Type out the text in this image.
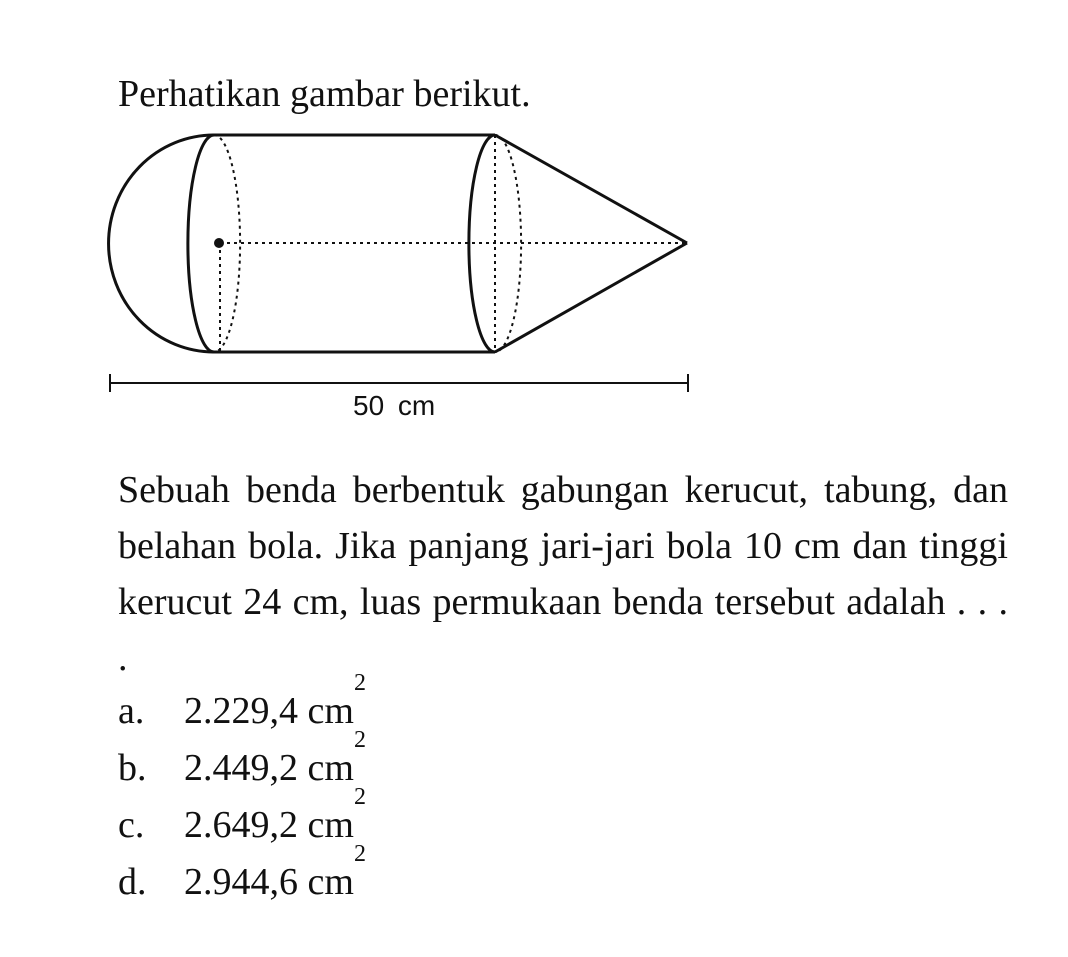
Perhatikan gambar berikut.
50 cm
Sebuah benda berbentuk gabungan kerucut, tabung, dan belahan bola. Jika panjang jari-jari bola 10 cm dan tinggi kerucut 24 cm, luas permukaan benda tersebut adalah . . . .
a.	2.229,4 cm
2
b. 2.449,2 cm
2
c.	2.649,2 cm
2
d. 2.944,6 cm
2
